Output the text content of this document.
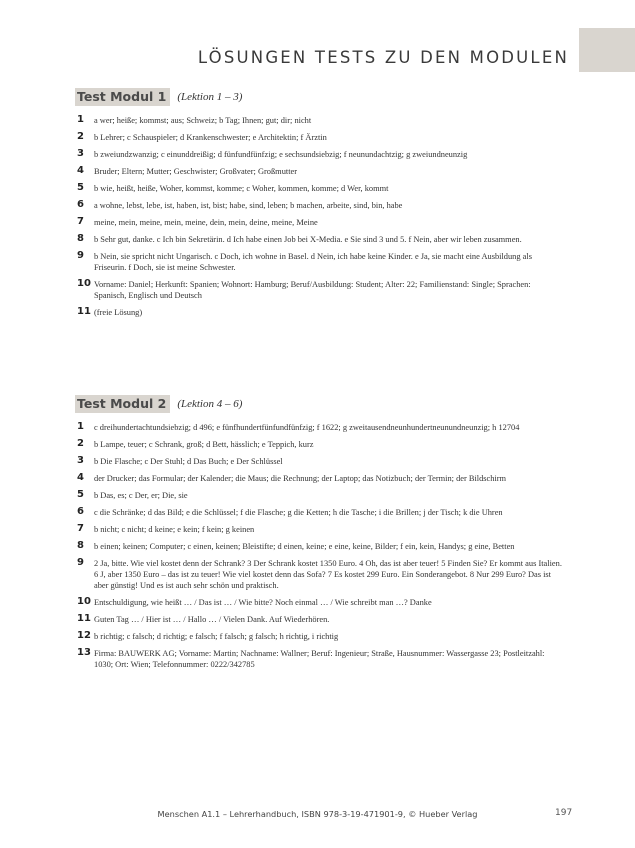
LÖSUNGEN TESTS ZU DEN MODULEN
Test Modul 1	(Lektion 1 – 3)
1 a wer; heiße; kommst; aus; Schweiz; b Tag; Ihnen; gut; dir; nicht
2 b Lehrer; c Schauspieler; d Krankenschwester; e Architektin; f Ärztin
3 b zweiundzwanzig; c einunddreißig; d fünfundfünfzig; e sechsundsiebzig; f neunundachtzig; g zweiundneunzig
4 Bruder; Eltern; Mutter; Geschwister; Großvater; Großmutter
5 b wie, heißt, heiße, Woher, kommst, komme; c Woher, kommen, komme; d Wer, kommt
6 a wohne, lebst, lebe, ist, haben, ist, bist; habe, sind, leben; b machen, arbeite, sind, bin, habe
7 meine, mein, meine, mein, meine, dein, mein, deine, meine, Meine
8 b Sehr gut, danke. c Ich bin Sekretärin. d Ich habe einen Job bei X-Media. e Sie sind 3 und 5. f Nein, aber wir leben zusammen.
9 b Nein, sie spricht nicht Ungarisch. c Doch, ich wohne in Basel. d Nein, ich habe keine Kinder. e Ja, sie macht eine Ausbildung als Friseurin. f Doch, sie ist meine Schwester.
10 Vorname: Daniel; Herkunft: Spanien; Wohnort: Hamburg; Beruf/Ausbildung: Student; Alter: 22; Familienstand: Single; Sprachen: Spanisch, Englisch und Deutsch
11 (freie Lösung)
Test Modul 2	(Lektion 4 – 6)
1 c dreihundertachtundsiebzig; d 496; e fünfhundertfünfundfünfzig; f 1622; g zweitausendneunhundertneunundneunzig; h 12704
2 b Lampe, teuer; c Schrank, groß; d Bett, hässlich; e Teppich, kurz
3 b Die Flasche; c Der Stuhl; d Das Buch; e Der Schlüssel
4 der Drucker; das Formular; der Kalender; die Maus; die Rechnung; der Laptop; das Notizbuch; der Termin; der Bildschirm
5 b Das, es; c Der, er; Die, sie
6 c die Schränke; d das Bild; e die Schlüssel; f die Flasche; g die Ketten; h die Tasche; i die Brillen; j der Tisch; k die Uhren
7 b nicht; c nicht; d keine; e kein; f kein; g keinen
8 b einen; keinen; Computer; c einen, keinen; Bleistifte; d einen, keine; e eine, keine, Bilder; f ein, kein, Handys; g eine, Betten
9 2 Ja, bitte. Wie viel kostet denn der Schrank? 3 Der Schrank kostet 1350 Euro. 4 Oh, das ist aber teuer! 5 Finden Sie? Er kommt aus Italien. 6 J, aber 1350 Euro – das ist zu teuer! Wie viel kostet denn das Sofa? 7 Es kostet 299 Euro. Ein Sonderangebot. 8 Nur 299 Euro? Das ist aber günstig! Und es ist auch sehr schön und praktisch.
10 Entschuldigung, wie heißt … / Das ist … / Wie bitte? Noch einmal … / Wie schreibt man …? Danke
11 Guten Tag … / Hier ist … / Hallo … / Vielen Dank. Auf Wiederhören.
12 b richtig; c falsch; d richtig; e falsch; f falsch; g falsch; h richtig, i richtig
13 Firma: BAUWERK AG; Vorname: Martin; Nachname: Wallner; Beruf: Ingenieur; Straße, Hausnummer: Wassergasse 23; Postleitzahl: 1030; Ort: Wien; Telefonnummer: 0222/342785
Menschen A1.1 – Lehrerhandbuch, ISBN 978-3-19-471901-9, © Hueber Verlag	197
